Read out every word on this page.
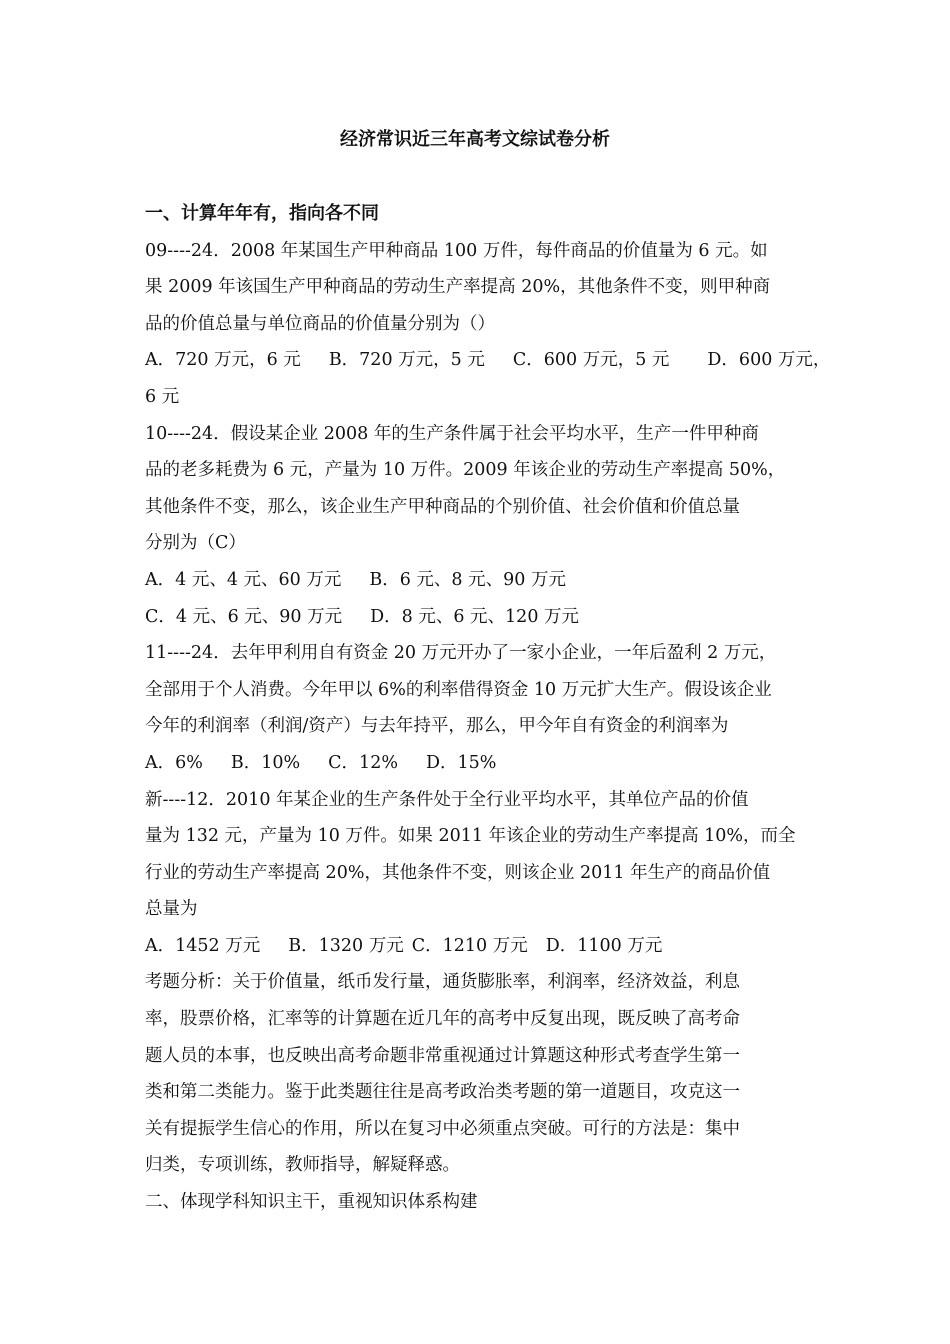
经济常识近三年高考文综试卷分析
一、计算年年有，指向各不同
09----24．2008 年某国生产甲种商品 100 万件，每件商品的价值量为 6 元。如
果 2009 年该国生产甲种商品的劳动生产率提高 20%，其他条件不变，则甲种商
品的价值总量与单位商品的价值量分别为（）
A．720 万元，6 元 B．720 万元，5 元 C．600 万元，5 元 D．600 万元，
6 元
10----24．假设某企业 2008 年的生产条件属于社会平均水平，生产一件甲种商
品的老多耗费为 6 元，产量为 10 万件。2009 年该企业的劳动生产率提高 50%，
其他条件不变，那么，该企业生产甲种商品的个别价值、社会价值和价值总量
分别为（C）
A．4 元、4 元、60 万元 B．6 元、8 元、90 万元
C．4 元、6 元、90 万元 D．8 元、6 元、120 万元
11----24．去年甲利用自有资金 20 万元开办了一家小企业，一年后盈利 2 万元，
全部用于个人消费。今年甲以 6%的利率借得资金 10 万元扩大生产。假设该企业
今年的利润率（利润/资产）与去年持平，那么，甲今年自有资金的利润率为
A．6% B．10% C．12% D．15%
新----12．2010 年某企业的生产条件处于全行业平均水平，其单位产品的价值
量为 132 元，产量为 10 万件。如果 2011 年该企业的劳动生产率提高 10%，而全
行业的劳动生产率提高 20%，其他条件不变，则该企业 2011 年生产的商品价值
总量为
A．1452 万元 B．1320 万元 C．1210 万元 D．1100 万元
考题分析：关于价值量，纸币发行量，通货膨胀率，利润率，经济效益，利息
率，股票价格，汇率等的计算题在近几年的高考中反复出现，既反映了高考命
题人员的本事，也反映出高考命题非常重视通过计算题这种形式考查学生第一
类和第二类能力。鉴于此类题往往是高考政治类考题的第一道题目，攻克这一
关有提振学生信心的作用，所以在复习中必须重点突破。可行的方法是：集中
归类，专项训练，教师指导，解疑释惑。
二、体现学科知识主干，重视知识体系构建
